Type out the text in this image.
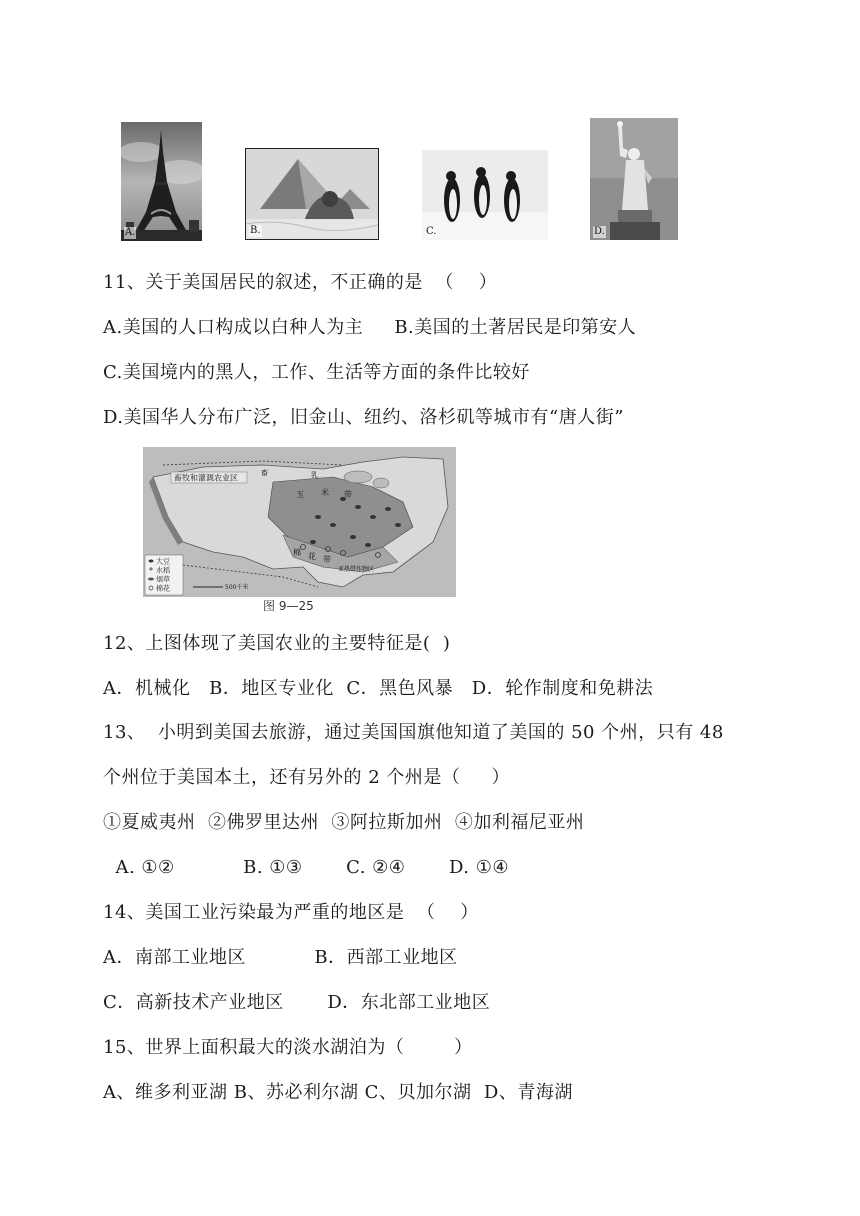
A.	B.	C.	D.
11、关于美国居民的叙述，不正确的是  （    ）
A.美国的人口构成以白种人为主     B.美国的土著居民是印第安人
C.美国境内的黑人，工作、生活等方面的条件比较好
D.美国华人分布广泛，旧金山、纽约、洛杉矶等城市有“唐人街”
畜牧和灌溉农业区
玉 米 带
棉 花 带
亚热带作物区
乳
畜
大豆
水稻
烟草
棉花	500千米
图 9—25
12、上图体现了美国农业的主要特征是(  )
A．机械化   B．地区专业化  C．黑色风暴   D．轮作制度和免耕法
13、  小明到美国去旅游，通过美国国旗他知道了美国的 50 个州，只有 48
个州位于美国本土，还有另外的 2 个州是（     ）
①夏威夷州  ②佛罗里达州  ③阿拉斯加州  ④加利福尼亚州
A. ①②           B. ①③       C. ②④       D. ①④
14、美国工业污染最为严重的地区是  （    ）
A．南部工业地区           B．西部工业地区
C．高新技术产业地区       D．东北部工业地区
15、世界上面积最大的淡水湖泊为（        ）
A、维多利亚湖 B、苏必利尔湖 C、贝加尔湖  D、青海湖
